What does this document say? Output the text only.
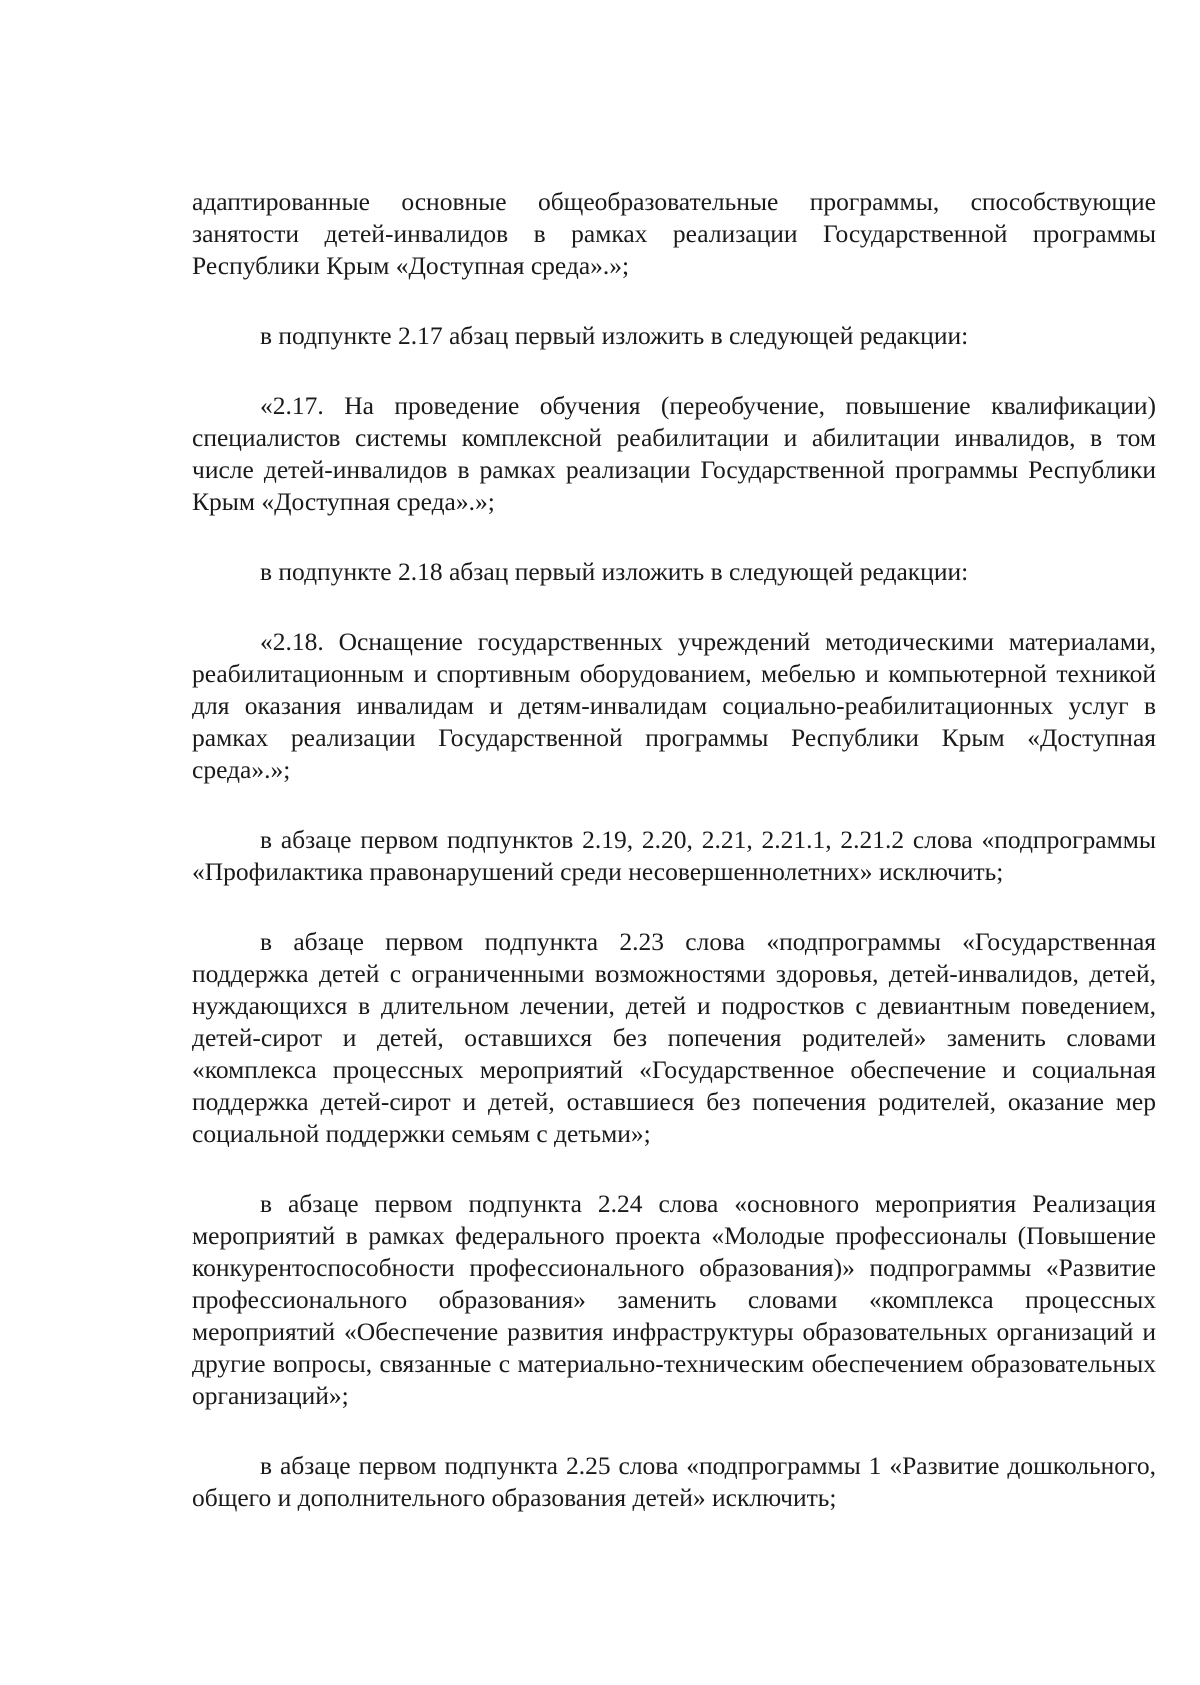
адаптированные основные общеобразовательные программы, способствующие занятости детей-инвалидов в рамках реализации Государственной программы Республики Крым «Доступная среда».»;

в подпункте 2.17 абзац первый изложить в следующей редакции:

«2.17. На проведение обучения (переобучение, повышение квалификации) специалистов системы комплексной реабилитации и абилитации инвалидов, в том числе детей-инвалидов в рамках реализации Государственной программы Республики Крым «Доступная среда».»;

в подпункте 2.18 абзац первый изложить в следующей редакции:

«2.18. Оснащение государственных учреждений методическими материалами, реабилитационным и спортивным оборудованием, мебелью и компьютерной техникой для оказания инвалидам и детям-инвалидам социально-реабилитационных услуг в рамках реализации Государственной программы Республики Крым «Доступная среда».»;

в абзаце первом подпунктов 2.19, 2.20, 2.21, 2.21.1, 2.21.2 слова «подпрограммы «Профилактика правонарушений среди несовершеннолетних» исключить;

в абзаце первом подпункта 2.23 слова «подпрограммы «Государственная поддержка детей с ограниченными возможностями здоровья, детей-инвалидов, детей, нуждающихся в длительном лечении, детей и подростков с девиантным поведением, детей-сирот и детей, оставшихся без попечения родителей» заменить словами «комплекса процессных мероприятий «Государственное обеспечение и социальная поддержка детей-сирот и детей, оставшиеся без попечения родителей, оказание мер социальной поддержки семьям с детьми»;

в абзаце первом подпункта 2.24 слова «основного мероприятия Реализация мероприятий в рамках федерального проекта «Молодые профессионалы (Повышение конкурентоспособности профессионального образования)» подпрограммы «Развитие профессионального образования» заменить словами «комплекса процессных мероприятий «Обеспечение развития инфраструктуры образовательных организаций и другие вопросы, связанные с материально-техническим обеспечением образовательных организаций»;

в абзаце первом подпункта 2.25 слова «подпрограммы 1 «Развитие дошкольного, общего и дополнительного образования детей» исключить;
